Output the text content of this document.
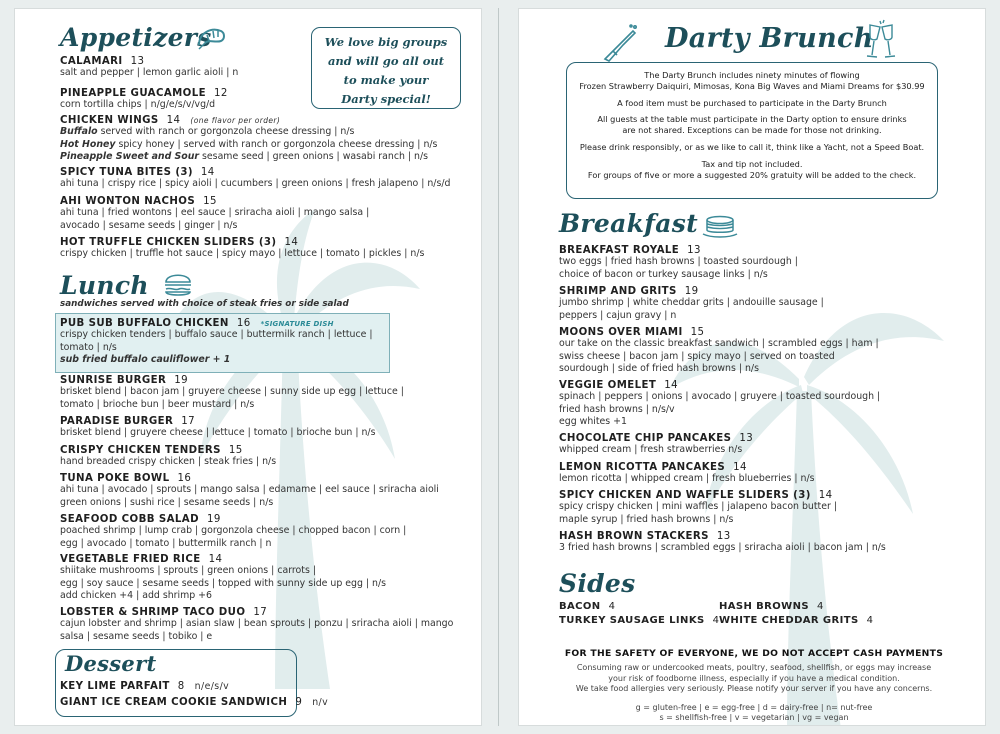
Appetizers	We love big groups
and will go all out
to make your
Darty special!
CALAMARI 13
salt and pepper | lemon garlic aioli | n
PINEAPPLE GUACAMOLE 12
corn tortilla chips | n/g/e/s/v/vg/d
CHICKEN WINGS 14 (one flavor per order)
Buffalo served with ranch or gorgonzola cheese dressing | n/s
Hot Honey spicy honey | served with ranch or gorgonzola cheese dressing | n/s
Pineapple Sweet and Sour sesame seed | green onions | wasabi ranch | n/s
SPICY TUNA BITES (3) 14
ahi tuna | crispy rice | spicy aioli | cucumbers | green onions | fresh jalapeno | n/s/d
AHI WONTON NACHOS 15
ahi tuna | fried wontons | eel sauce | sriracha aioli | mango salsa |
avocado | sesame seeds | ginger | n/s
HOT TRUFFLE CHICKEN SLIDERS (3) 14
crispy chicken | truffle hot sauce | spicy mayo | lettuce | tomato | pickles | n/s
Lunch
sandwiches served with choice of steak fries or side salad
PUB SUB BUFFALO CHICKEN 16 *SIGNATURE DISH
crispy chicken tenders | buffalo sauce | buttermilk ranch | lettuce |
tomato | n/s
sub fried buffalo cauliflower + 1
SUNRISE BURGER 19
brisket blend | bacon jam | gruyere cheese | sunny side up egg | lettuce |
tomato | brioche bun | beer mustard | n/s
PARADISE BURGER 17
brisket blend | gruyere cheese | lettuce | tomato | brioche bun | n/s
CRISPY CHICKEN TENDERS 15
hand breaded crispy chicken | steak fries | n/s
TUNA POKE BOWL 16
ahi tuna | avocado | sprouts | mango salsa | edamame | eel sauce | sriracha aioli
green onions | sushi rice | sesame seeds | n/s
SEAFOOD COBB SALAD 19
poached shrimp | lump crab | gorgonzola cheese | chopped bacon | corn |
egg | avocado | tomato | buttermilk ranch | n
VEGETABLE FRIED RICE 14
shiitake mushrooms | sprouts | green onions | carrots |
egg | soy sauce | sesame seeds | topped with sunny side up egg | n/s
add chicken +4 | add shrimp +6
LOBSTER & SHRIMP TACO DUO 17
cajun lobster and shrimp | asian slaw | bean sprouts | ponzu | sriracha aioli | mango
salsa | sesame seeds | tobiko | e
Dessert
KEY LIME PARFAIT 8 n/e/s/v
GIANT ICE CREAM COOKIE SANDWICH 9 n/v
Darty Brunch

The Darty Brunch includes ninety minutes of flowing
Frozen Strawberry Daiquiri, Mimosas, Kona Big Waves and Miami Dreams for $30.99

A food item must be purchased to participate in the Darty Brunch

All guests at the table must participate in the Darty option to ensure drinks
are not shared. Exceptions can be made for those not drinking.

Please drink responsibly, or as we like to call it, think like a Yacht, not a Speed Boat.

Tax and tip not included.
For groups of five or more a suggested 20% gratuity will be added to the check.

Breakfast
BREAKFAST ROYALE 13
two eggs | fried hash browns | toasted sourdough |
choice of bacon or turkey sausage links | n/s
SHRIMP AND GRITS 19
jumbo shrimp | white cheddar grits | andouille sausage |
peppers | cajun gravy | n
MOONS OVER MIAMI 15
our take on the classic breakfast sandwich | scrambled eggs | ham |
swiss cheese | bacon jam | spicy mayo | served on toasted
sourdough | side of fried hash browns | n/s
VEGGIE OMELET 14
spinach | peppers | onions | avocado | gruyere | toasted sourdough |
fried hash browns | n/s/v
egg whites +1
CHOCOLATE CHIP PANCAKES 13
whipped cream | fresh strawberries n/s
LEMON RICOTTA PANCAKES 14
lemon ricotta | whipped cream | fresh blueberries | n/s
SPICY CHICKEN AND WAFFLE SLIDERS (3) 14
spicy crispy chicken | mini waffles | jalapeno bacon butter |
maple syrup | fried hash browns | n/s
HASH BROWN STACKERS 13
3 fried hash browns | scrambled eggs | sriracha aioli | bacon jam | n/s
Sides
BACON 4	HASH BROWNS 4
TURKEY SAUSAGE LINKS 4 WHITE CHEDDAR GRITS 4
FOR THE SAFETY OF EVERYONE, WE DO NOT ACCEPT CASH PAYMENTS
Consuming raw or undercooked meats, poultry, seafood, shellfish, or eggs may increase
your risk of foodborne illness, especially if you have a medical condition.
We take food allergies very seriously. Please notify your server if you have any concerns.
g = gluten-free | e = egg-free | d = dairy-free | n= nut-free
s = shellfish-free | v = vegetarian | vg = vegan
